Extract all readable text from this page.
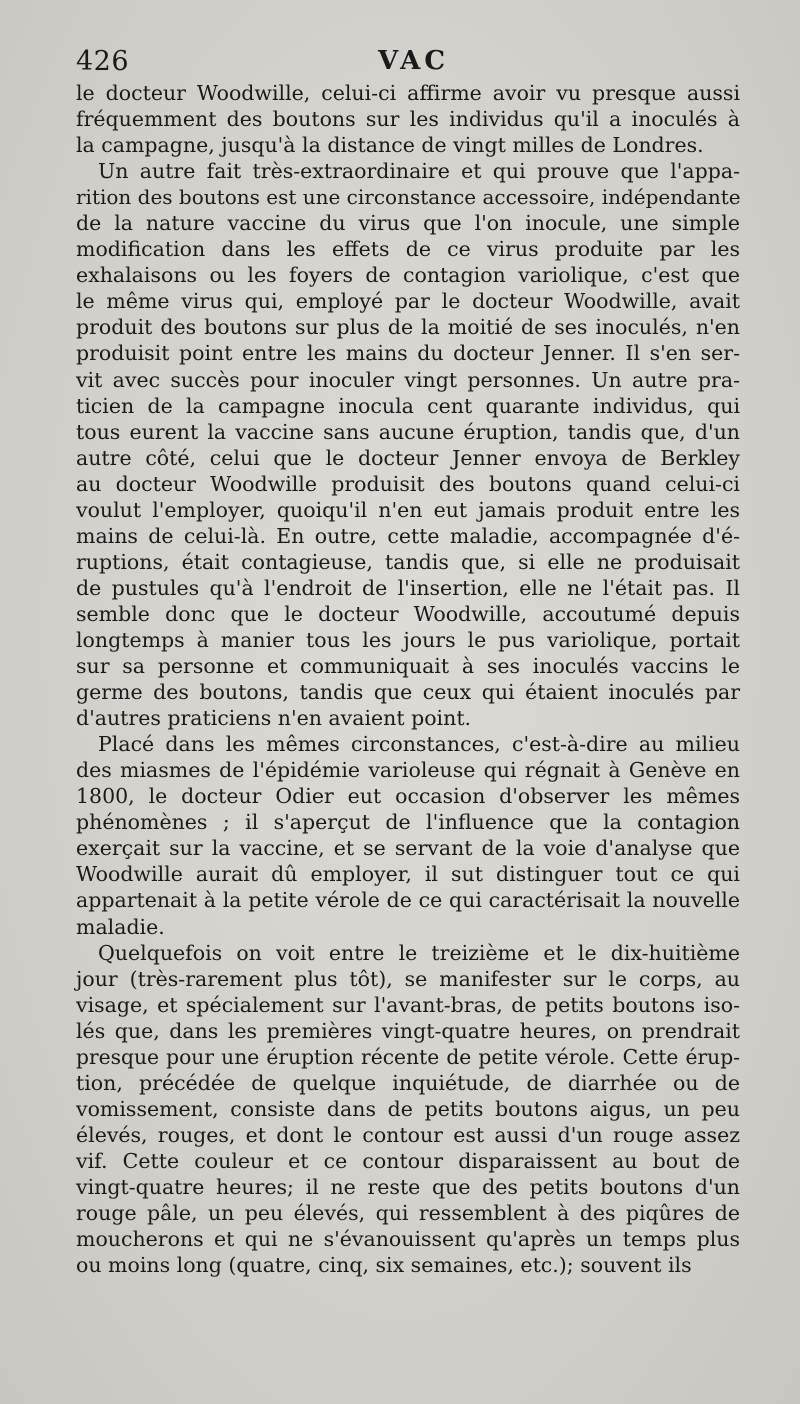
426	VAC
le docteur Woodwille, celui-ci affirme avoir vu presque aussi
fréquemment des boutons sur les individus qu'il a inoculés à
la campagne, jusqu'à la distance de vingt milles de Londres.
Un autre fait très-extraordinaire et qui prouve que l'appa-
rition des boutons est une circonstance accessoire, indépendante
de la nature vaccine du virus que l'on inocule, une simple
modification dans les effets de ce virus produite par les
exhalaisons ou les foyers de contagion variolique, c'est que
le même virus qui, employé par le docteur Woodwille, avait
produit des boutons sur plus de la moitié de ses inoculés, n'en
produisit point entre les mains du docteur Jenner. Il s'en ser-
vit avec succès pour inoculer vingt personnes. Un autre pra-
ticien de la campagne inocula cent quarante individus, qui
tous eurent la vaccine sans aucune éruption, tandis que, d'un
autre côté, celui que le docteur Jenner envoya de Berkley
au docteur Woodwille produisit des boutons quand celui-ci
voulut l'employer, quoiqu'il n'en eut jamais produit entre les
mains de celui-là. En outre, cette maladie, accompagnée d'é-
ruptions, était contagieuse, tandis que, si elle ne produisait
de pustules qu'à l'endroit de l'insertion, elle ne l'était pas. Il
semble donc que le docteur Woodwille, accoutumé depuis
longtemps à manier tous les jours le pus variolique, portait
sur sa personne et communiquait à ses inoculés vaccins le
germe des boutons, tandis que ceux qui étaient inoculés par
d'autres praticiens n'en avaient point.
Placé dans les mêmes circonstances, c'est-à-dire au milieu
des miasmes de l'épidémie varioleuse qui régnait à Genève en
1800, le docteur Odier eut occasion d'observer les mêmes
phénomènes ; il s'aperçut de l'influence que la contagion
exerçait sur la vaccine, et se servant de la voie d'analyse que
Woodwille aurait dû employer, il sut distinguer tout ce qui
appartenait à la petite vérole de ce qui caractérisait la nouvelle
maladie.
Quelquefois on voit entre le treizième et le dix-huitième
jour (très-rarement plus tôt), se manifester sur le corps, au
visage, et spécialement sur l'avant-bras, de petits boutons iso-
lés que, dans les premières vingt-quatre heures, on prendrait
presque pour une éruption récente de petite vérole. Cette érup-
tion, précédée de quelque inquiétude, de diarrhée ou de
vomissement, consiste dans de petits boutons aigus, un peu
élevés, rouges, et dont le contour est aussi d'un rouge assez
vif. Cette couleur et ce contour disparaissent au bout de
vingt-quatre heures; il ne reste que des petits boutons d'un
rouge pâle, un peu élevés, qui ressemblent à des piqûres de
moucherons et qui ne s'évanouissent qu'après un temps plus
ou moins long (quatre, cinq, six semaines, etc.); souvent ils
